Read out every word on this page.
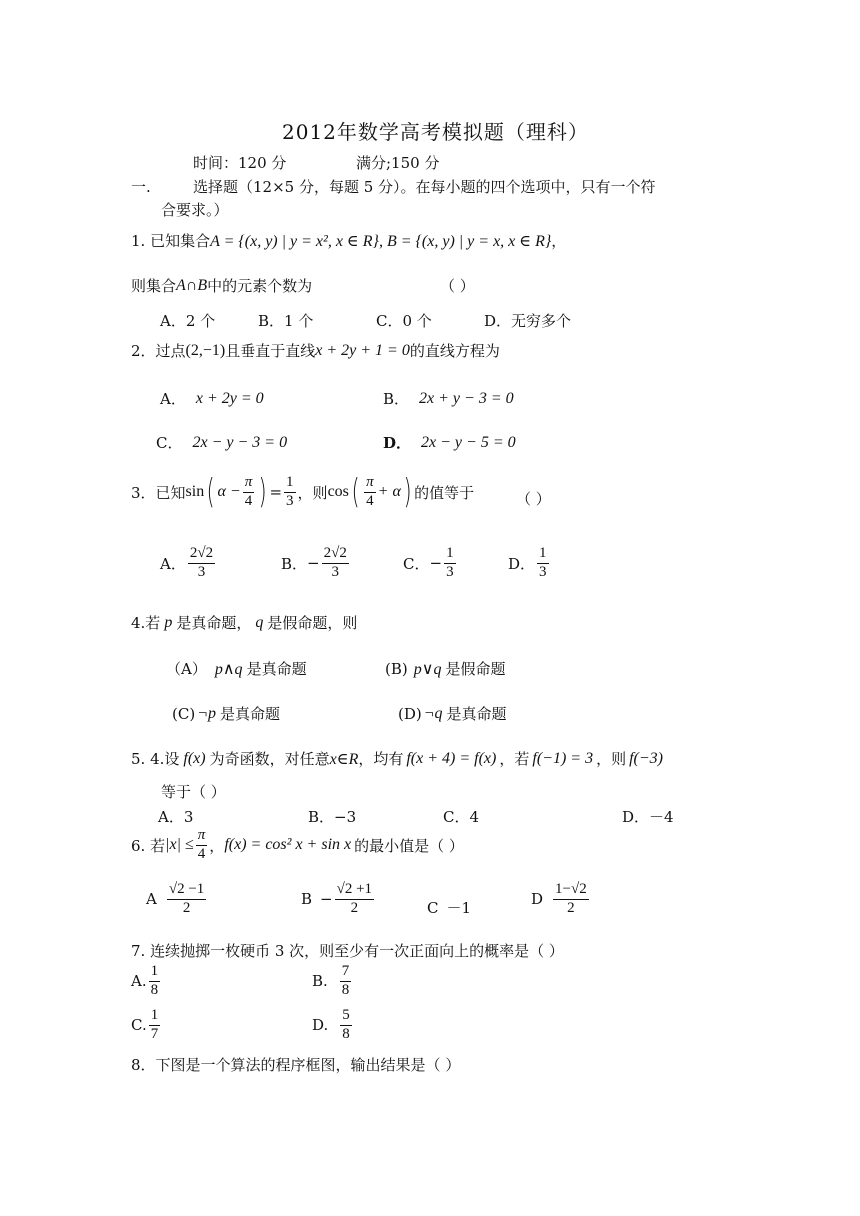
2012年数学高考模拟题（理科）
时间：120 分	满分;150 分
一.	选择题（12×5 分，每题 5 分）。在每小题的四个选项中，只有一个符
合要求。）
1. 已知集合 A = {(x, y) | y = x², x ∈ R}, B = {(x, y) | y = x, x ∈ R} ，
则集合 A∩B 中的元素个数为	（ ）
A．2 个	B．1 个	C．0 个	D．无穷多个
2．过点 (2,−1) 且垂直于直线 x + 2y + 1 = 0 的直线方程为
A． x + 2y = 0	B． 2x + y − 3 = 0
C． 2x − y − 3 = 0	D． 2x − y − 5 = 0
3．已知 sin ( $\alpha - \frac{\pi}{4}$ ) = $\frac{1}{3}$ ，则 cos ( $\frac{\pi}{4} + \alpha$ ) 的值等于	（ ）
A． $\frac{2√2}{3}$	B． − $\frac{2√2}{3}$	C． − $\frac{1}{3}$	D． $\frac{1}{3}$
4.若 p 是真命题， q 是假命题，则
（A） p∧q 是真命题	(B) p∨q 是假命题
(C) ¬p 是真命题	(D) ¬q 是真命题
5. 4.设 f(x) 为奇函数，对任意 x∈R ，均有 f(x + 4) = f(x) ，若 f(−1) = 3 ，则 f(−3)
等于（ ）
A．3	B．−3	C．4	D．－4
6. 若 $|x| \le \frac{\pi}{4}$ ， f(x) = cos² x + sin x 的最小值是（ ）
A $\frac{√2 -1}{2}$	$B - \frac{√2 +1}{2}$	C －1	D $\frac{1-√2}{2}$
7. 连续抛掷一枚硬币 3 次，则至少有一次正面向上的概率是（ ）
A. $\frac{1}{8}$	B. $\frac{7}{8}$
C. $\frac{1}{7}$	D. $\frac{5}{8}$
8．下图是一个算法的程序框图，输出结果是（ ）
